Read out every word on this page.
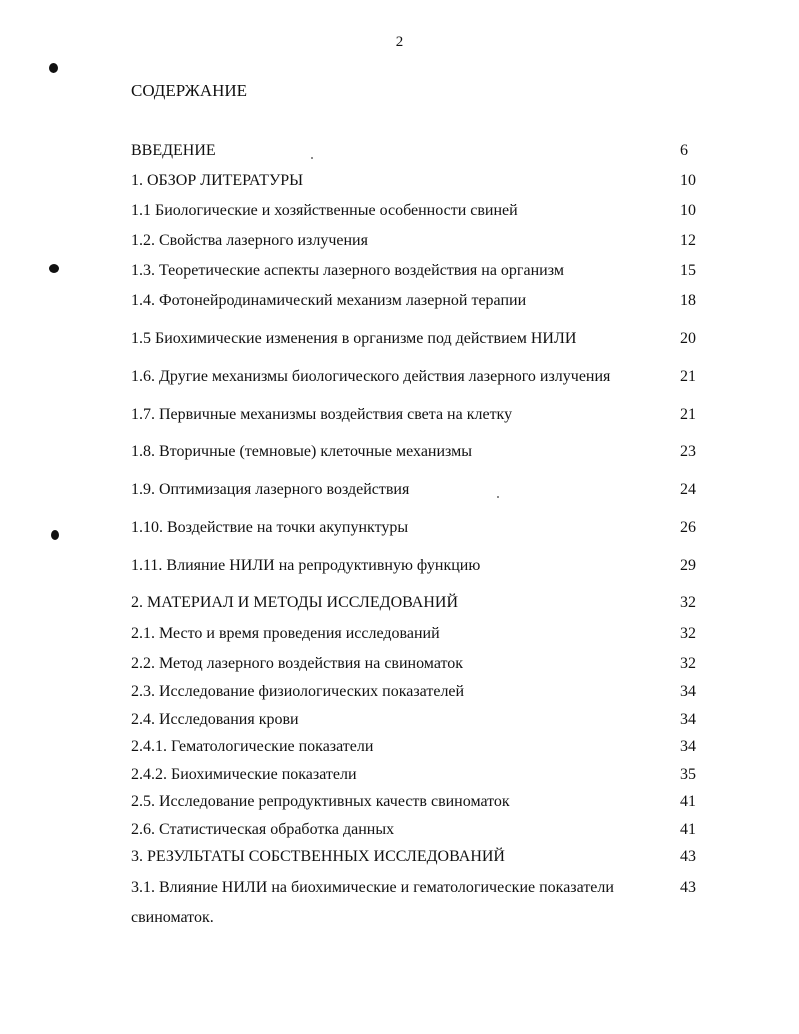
2
СОДЕРЖАНИЕ
ВВЕДЕНИЕ	6
1. ОБЗОР ЛИТЕРАТУРЫ	10
1.1 Биологические и хозяйственные особенности свиней	10
1.2. Свойства лазерного излучения	12
1.3. Теоретические аспекты лазерного воздействия на организм	15
1.4. Фотонейродинамический механизм лазерной терапии	18
1.5 Биохимические изменения в организме под действием НИЛИ	20
1.6. Другие механизмы биологического действия лазерного излучения	21
1.7. Первичные механизмы воздействия света на клетку	21
1.8. Вторичные (темновые) клеточные механизмы	23
1.9. Оптимизация лазерного воздействия	24
1.10. Воздействие на точки акупунктуры	26
1.11. Влияние НИЛИ на репродуктивную функцию	29
2. МАТЕРИАЛ И МЕТОДЫ ИССЛЕДОВАНИЙ	32
2.1. Место и время проведения исследований	32
2.2. Метод лазерного воздействия на свиноматок	32
2.3. Исследование физиологических показателей	34
2.4. Исследования крови	34
2.4.1. Гематологические показатели	34
2.4.2. Биохимические показатели	35
2.5. Исследование репродуктивных качеств свиноматок	41
2.6. Статистическая обработка данных	41
3. РЕЗУЛЬТАТЫ СОБСТВЕННЫХ ИССЛЕДОВАНИЙ	43
3.1. Влияние НИЛИ на биохимические и гематологические показатели	43
свиноматок.
